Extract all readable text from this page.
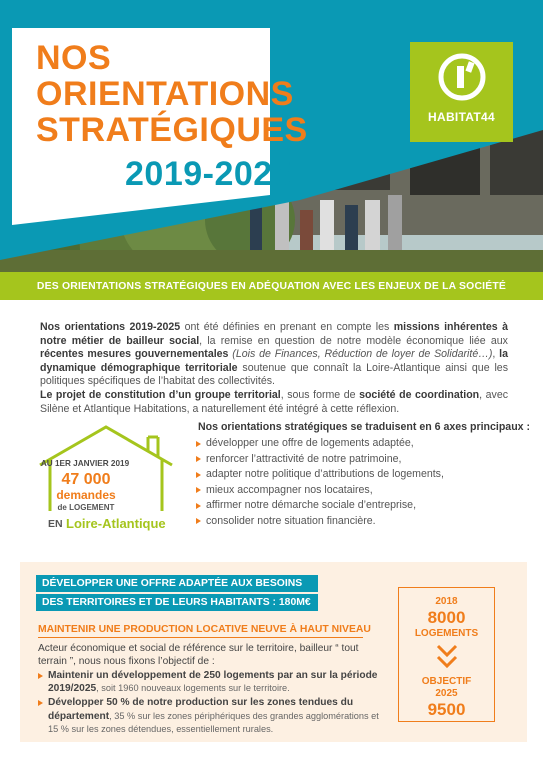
NOS
ORIENTATIONS
STRATÉGIQUES
2019-2025
HABITAT44
DES ORIENTATIONS STRATÉGIQUES EN ADÉQUATION AVEC LES ENJEUX DE LA SOCIÉTÉ

Nos orientations 2019-2025 ont été définies en prenant en compte les missions inhérentes à notre métier de bailleur social, la remise en question de notre modèle économique liée aux récentes mesures gouvernementales (Lois de Finances, Réduction de loyer de Solidarité…), la dynamique démographique territoriale soutenue que connaît la Loire-Atlantique ainsi que les politiques spécifiques de l’habitat des collectivités.

Le projet de constitution d’un groupe territorial, sous forme de société de coordination, avec Silène et Atlantique Habitations, a naturellement été intégré à cette réflexion.

AU 1ER JANVIER 2019
47 000
demandes
de LOGEMENT
EN Loire-Atlantique
Nos orientations stratégiques se traduisent en 6 axes principaux :
développer une offre de logements adaptée,
renforcer l’attractivité de notre patrimoine,
adapter notre politique d’attributions de logements,
mieux accompagner nos locataires,
affirmer notre démarche sociale d’entreprise,
consolider notre situation financière.
DÉVELOPPER UNE OFFRE ADAPTÉE AUX BESOINS
DES TERRITOIRES ET DE LEURS HABITANTS : 180M€
MAINTENIR UNE PRODUCTION LOCATIVE NEUVE À HAUT NIVEAU
Acteur économique et social de référence sur le territoire, bailleur “ tout terrain ”, nous nous fixons l’objectif de :
Maintenir un développement de 250 logements par an sur la période 2019/2025, soit 1960 nouveaux logements sur le territoire.
Développer 50 % de notre production sur les zones tendues du département, 35 % sur les zones périphériques des grandes agglomérations et 15 % sur les zones détendues, essentiellement rurales.
2018
8000
LOGEMENTS
OBJECTIF
2025
9500
